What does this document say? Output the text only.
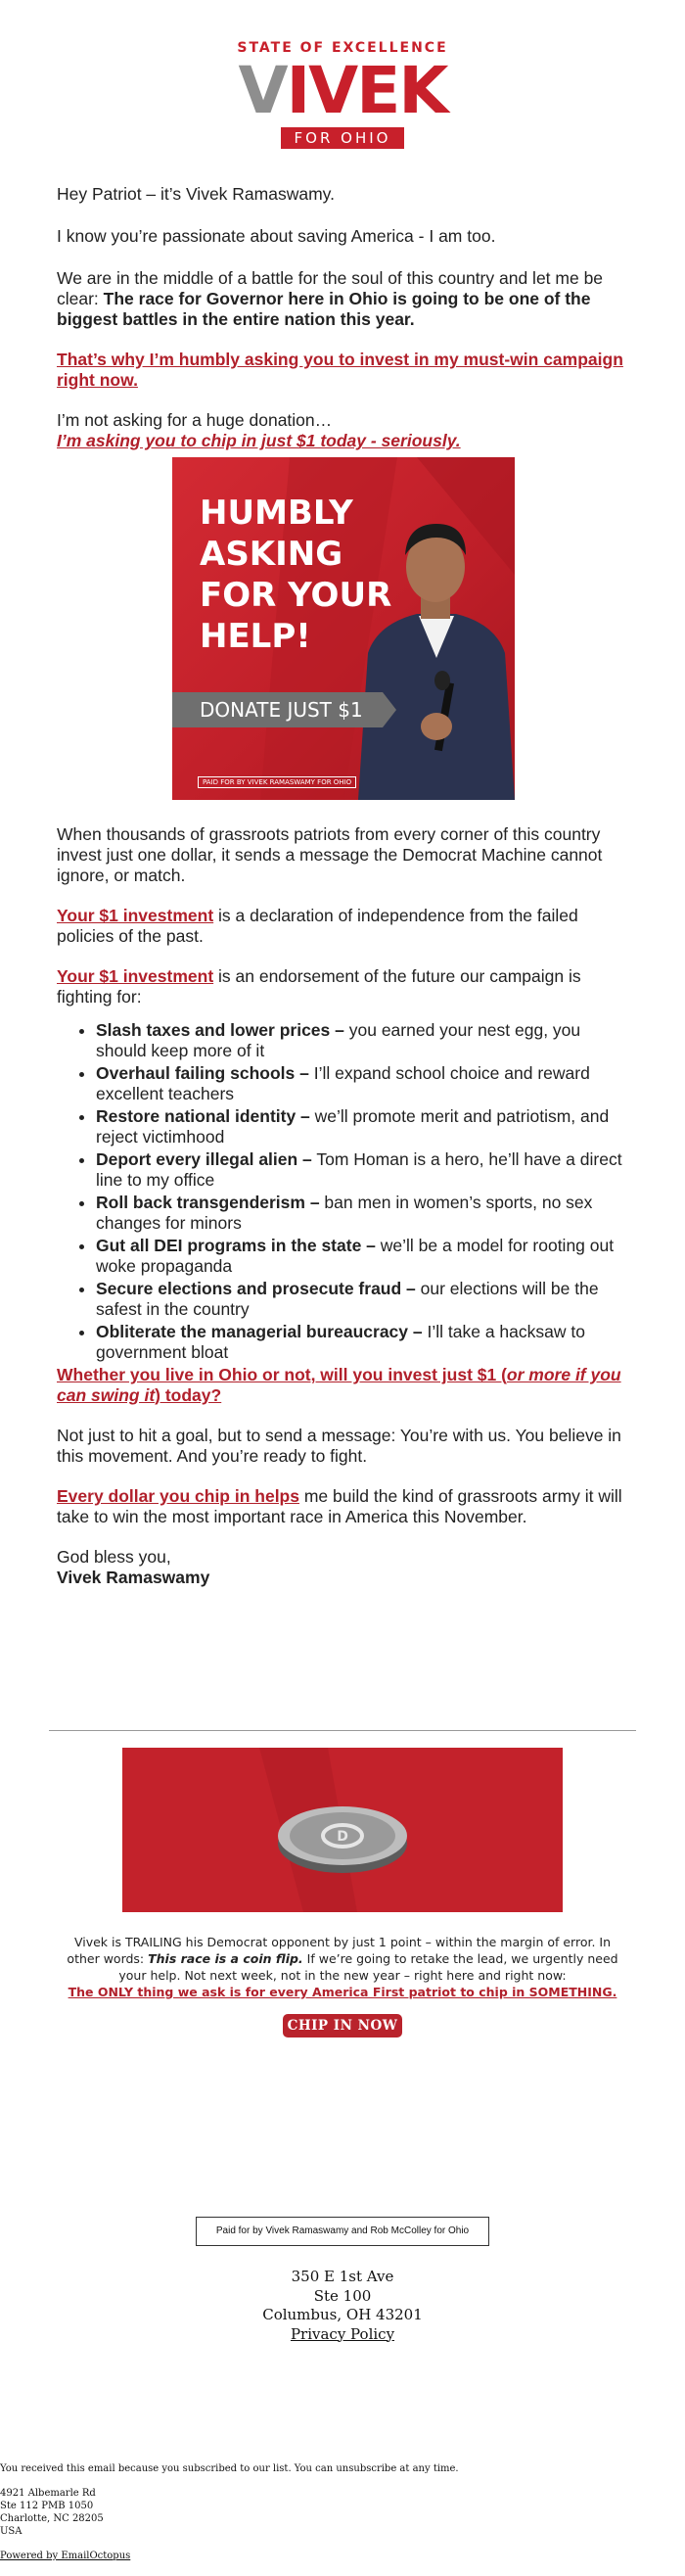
STATE OF EXCELLENCE
VIVEK
FOR OHIO
Hey Patriot – it’s Vivek Ramaswamy.
I know you’re passionate about saving America - I am too.
We are in the middle of a battle for the soul of this country and let me be clear: The race for Governor here in Ohio is going to be one of the biggest battles in the entire nation this year.
That’s why I’m humbly asking you to invest in my must-win campaign right now.
I’m not asking for a huge donation…
I’m asking you to chip in just $1 today - seriously.
HUMBLY
ASKING
FOR YOUR
HELP!
DONATE JUST $1
PAID FOR BY VIVEK RAMASWAMY FOR OHIO
When thousands of grassroots patriots from every corner of this country invest just one dollar, it sends a message the Democrat Machine cannot ignore, or match.
Your $1 investment is a declaration of independence from the failed policies of the past.
Your $1 investment is an endorsement of the future our campaign is fighting for:
• Slash taxes and lower prices – you earned your nest egg, you should keep more of it
• Overhaul failing schools – I’ll expand school choice and reward excellent teachers
• Restore national identity – we’ll promote merit and patriotism, and reject victimhood
• Deport every illegal alien – Tom Homan is a hero, he’ll have a direct line to my office
• Roll back transgenderism – ban men in women’s sports, no sex changes for minors
• Gut all DEI programs in the state – we’ll be a model for rooting out woke propaganda
• Secure elections and prosecute fraud – our elections will be the safest in the country
• Obliterate the managerial bureaucracy – I’ll take a hacksaw to government bloat
Whether you live in Ohio or not, will you invest just $1 (or more if you can swing it) today?
Not just to hit a goal, but to send a message: You’re with us. You believe in this movement. And you’re ready to fight.
Every dollar you chip in helps me build the kind of grassroots army it will take to win the most important race in America this November.
God bless you,
Vivek Ramaswamy
D
Vivek is TRAILING his Democrat opponent by just 1 point – within the margin of error. In other words: This race is a coin flip. If we’re going to retake the lead, we urgently need your help. Not next week, not in the new year – right here and right now:
The ONLY thing we ask is for every America First patriot to chip in SOMETHING.
CHIP IN NOW
Paid for by Vivek Ramaswamy and Rob McColley for Ohio
350 E 1st Ave
Ste 100
Columbus, OH 43201
Privacy Policy
You received this email because you subscribed to our list. You can unsubscribe at any time.
4921 Albemarle Rd
Ste 112 PMB 1050
Charlotte, NC 28205
USA
Powered by EmailOctopus
